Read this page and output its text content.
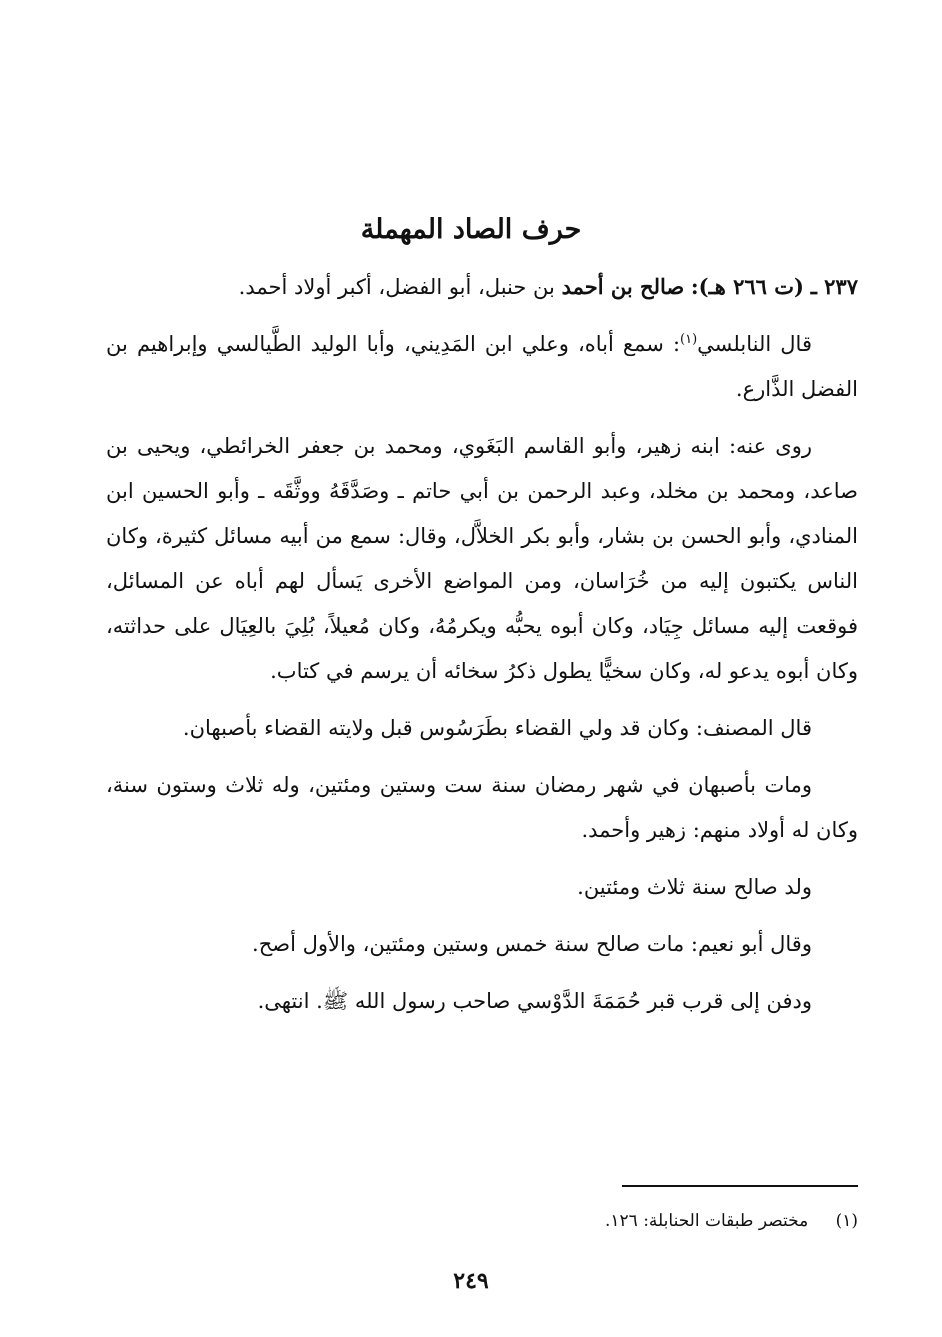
حرف الصاد المهملة

٢٣٧ ـ (ت ٢٦٦ هـ): صالح بن أحمد بن حنبل، أبو الفضل، أكبر أولاد أحمد.

قال النابلسي$^{(١)}$: سمع أباه، وعلي ابن المَدِيني، وأبا الوليد الطَّيالسي وإبراهيم بن الفضل الذَّارع.

روى عنه: ابنه زهير، وأبو القاسم البَغَوي، ومحمد بن جعفر الخرائطي، ويحيى بن صاعد، ومحمد بن مخلد، وعبد الرحمن بن أبي حاتم ـ وصَدَّقَهُ ووثَّقَه ـ وأبو الحسين ابن المنادي، وأبو الحسن بن بشار، وأبو بكر الخلاَّل، وقال: سمع من أبيه مسائل كثيرة، وكان الناس يكتبون إليه من خُرَاسان، ومن المواضع الأخرى يَسأل لهم أباه عن المسائل، فوقعت إليه مسائل جِيَاد، وكان أبوه يحبُّه ويكرمُهُ، وكان مُعيلاً، بُلِيَ بالعِيَال على حداثته، وكان أبوه يدعو له، وكان سخيًّا يطول ذكرُ سخائه أن يرسم في كتاب.

قال المصنف: وكان قد ولي القضاء بطَرَسُوس قبل ولايته القضاء بأصبهان.

ومات بأصبهان في شهر رمضان سنة ست وستين ومئتين، وله ثلاث وستون سنة، وكان له أولاد منهم: زهير وأحمد.

ولد صالح سنة ثلاث ومئتين.

وقال أبو نعيم: مات صالح سنة خمس وستين ومئتين، والأول أصح.

ودفن إلى قرب قبر حُمَمَةَ الدَّوْسي صاحب رسول الله ﷺ. انتهى.

(١) مختصر طبقات الحنابلة: ١٢٦.
٢٤٩
